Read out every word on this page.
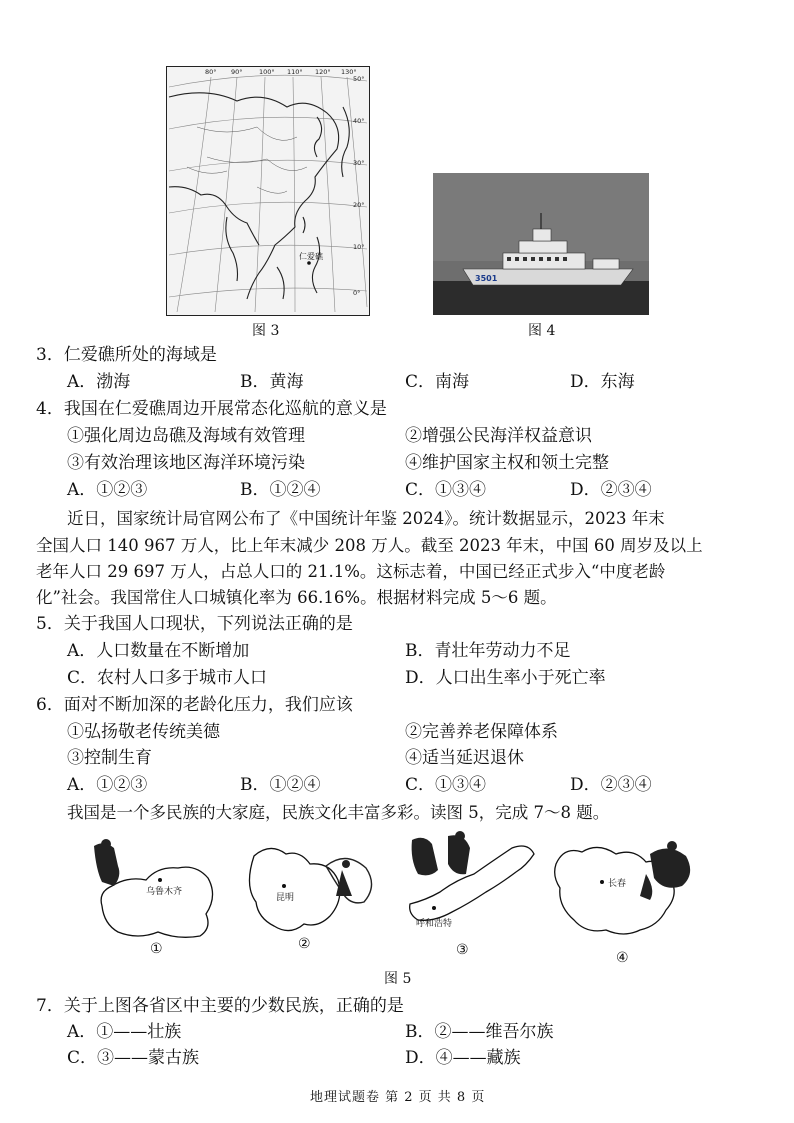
仁爱礁
80° 90°	100° 110° 120° 130°
50°
40°
30°
20°
10°
0°
图 3
3501
图 4
3．仁爱礁所处的海域是
A．渤海	B．黄海	C．南海	D．东海
4．我国在仁爱礁周边开展常态化巡航的意义是
①强化周边岛礁及海域有效管理	②增强公民海洋权益意识
③有效治理该地区海洋环境污染	④维护国家主权和领土完整
A．①②③	B．①②④	C．①③④	D．②③④
近日，国家统计局官网公布了《中国统计年鉴 2024》。统计数据显示，2023 年末
全国人口 140 967 万人，比上年末减少 208 万人。截至 2023 年末，中国 60 周岁及以上
老年人口 29 697 万人，占总人口的 21.1%。这标志着，中国已经正式步入“中度老龄
化”社会。我国常住人口城镇化率为 66.16%。根据材料完成 5～6 题。
5．关于我国人口现状，下列说法正确的是
A．人口数量在不断增加	B．青壮年劳动力不足
C．农村人口多于城市人口	D．人口出生率小于死亡率
6．面对不断加深的老龄化压力，我们应该
①弘扬敬老传统美德	②完善养老保障体系
③控制生育	④适当延迟退休
A．①②③	B．①②④	C．①③④	D．②③④
我国是一个多民族的大家庭，民族文化丰富多彩。读图 5，完成 7～8 题。
乌鲁木齐
①
昆明
②
呼和浩特
③
长春
④
图 5
7．关于上图各省区中主要的少数民族，正确的是
A．①——壮族	B．②——维吾尔族
C．③——蒙古族	D．④——藏族
地理试题卷 第 2 页 共 8 页
